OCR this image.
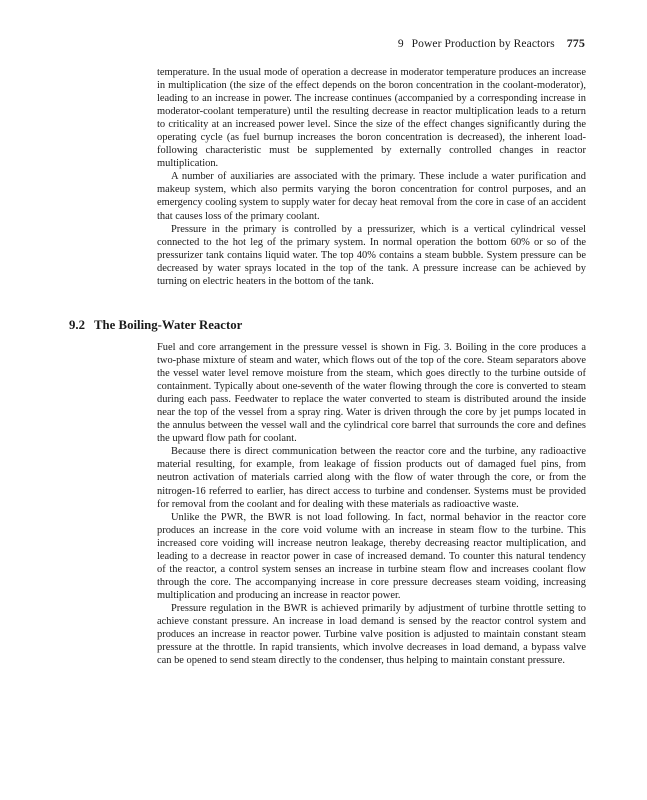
9 Power Production by Reactors 775

temperature. In the usual mode of operation a decrease in moderator temperature produces an increase in multiplication (the size of the effect depends on the boron concentration in the coolant-moderator), leading to an increase in power. The increase continues (accompanied by a corresponding increase in moderator-coolant temperature) until the resulting decrease in reactor multiplication leads to a return to criticality at an increased power level. Since the size of the effect changes significantly during the operating cycle (as fuel burnup increases the boron concentration is decreased), the inherent load-following characteristic must be supplemented by externally controlled changes in reactor multiplication.

A number of auxiliaries are associated with the primary. These include a water purification and makeup system, which also permits varying the boron concentration for control purposes, and an emergency cooling system to supply water for decay heat removal from the core in case of an accident that causes loss of the primary coolant.

Pressure in the primary is controlled by a pressurizer, which is a vertical cylindrical vessel connected to the hot leg of the primary system. In normal operation the bottom 60% or so of the pressurizer tank contains liquid water. The top 40% contains a steam bubble. System pressure can be decreased by water sprays located in the top of the tank. A pressure increase can be achieved by turning on electric heaters in the bottom of the tank.

9.2 The Boiling-Water Reactor

Fuel and core arrangement in the pressure vessel is shown in Fig. 3. Boiling in the core produces a two-phase mixture of steam and water, which flows out of the top of the core. Steam separators above the vessel water level remove moisture from the steam, which goes directly to the turbine outside of containment. Typically about one-seventh of the water flowing through the core is converted to steam during each pass. Feedwater to replace the water converted to steam is distributed around the inside near the top of the vessel from a spray ring. Water is driven through the core by jet pumps located in the annulus between the vessel wall and the cylindrical core barrel that surrounds the core and defines the upward flow path for coolant.

Because there is direct communication between the reactor core and the turbine, any radioactive material resulting, for example, from leakage of fission products out of damaged fuel pins, from neutron activation of materials carried along with the flow of water through the core, or from the nitrogen-16 referred to earlier, has direct access to turbine and condenser. Systems must be provided for removal from the coolant and for dealing with these materials as radioactive waste.

Unlike the PWR, the BWR is not load following. In fact, normal behavior in the reactor core produces an increase in the core void volume with an increase in steam flow to the turbine. This increased core voiding will increase neutron leakage, thereby decreasing reactor multiplication, and leading to a decrease in reactor power in case of increased demand. To counter this natural tendency of the reactor, a control system senses an increase in turbine steam flow and increases coolant flow through the core. The accompanying increase in core pressure decreases steam voiding, increasing multiplication and producing an increase in reactor power.

Pressure regulation in the BWR is achieved primarily by adjustment of turbine throttle setting to achieve constant pressure. An increase in load demand is sensed by the reactor control system and produces an increase in reactor power. Turbine valve position is adjusted to maintain constant steam pressure at the throttle. In rapid transients, which involve decreases in load demand, a bypass valve can be opened to send steam directly to the condenser, thus helping to maintain constant pressure.
